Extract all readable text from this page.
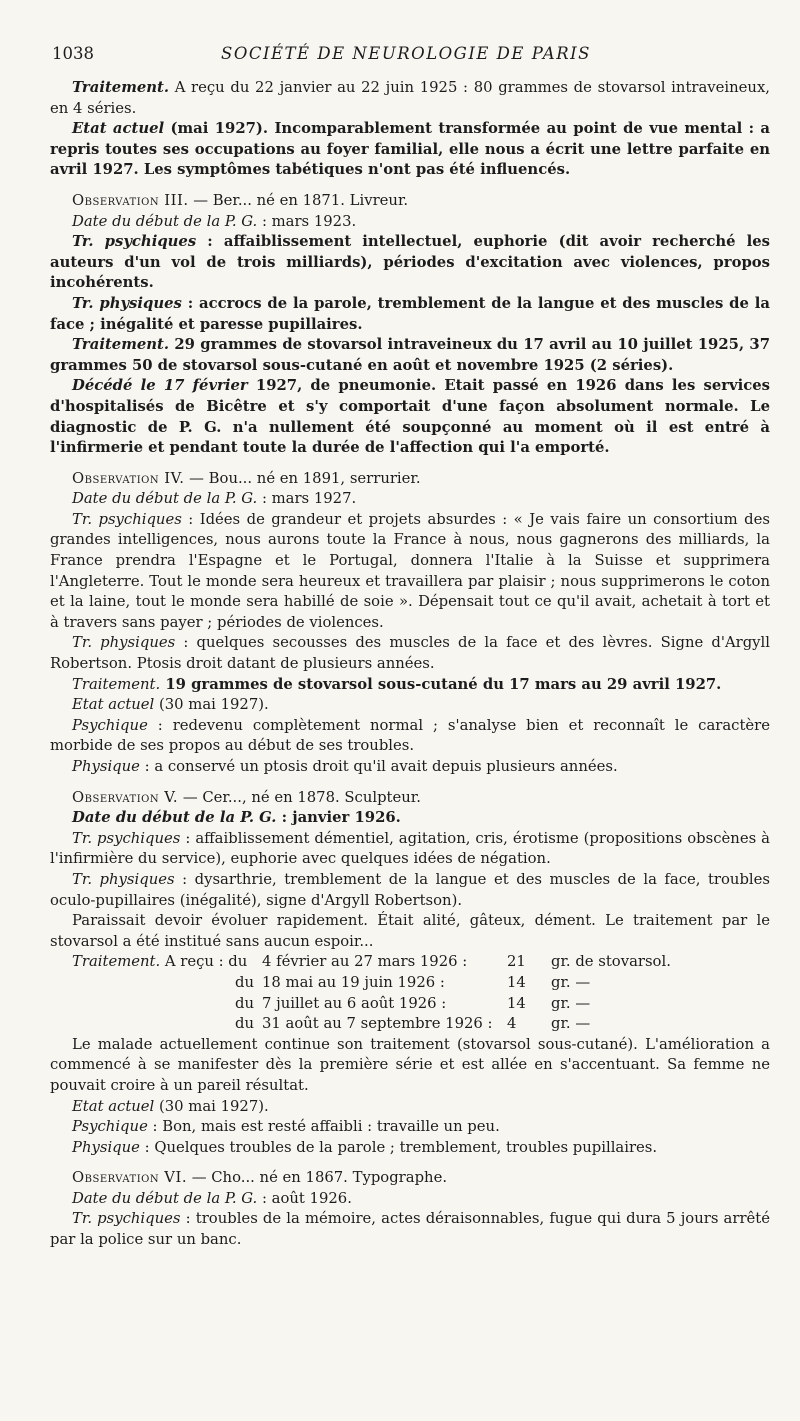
1038	SOCIÉTÉ DE NEUROLOGIE DE PARIS

Traitement. A reçu du 22 janvier au 22 juin 1925 : 80 grammes de stovarsol intraveineux, en 4 séries.

Etat actuel (mai 1927). Incomparablement transformée au point de vue mental : a repris toutes ses occupations au foyer familial, elle nous a écrit une lettre parfaite en avril 1927. Les symptômes tabétiques n'ont pas été influencés.

Observation III. — Ber... né en 1871. Livreur.

Date du début de la P. G. : mars 1923.

Tr. psychiques : affaiblissement intellectuel, euphorie (dit avoir recherché les auteurs d'un vol de trois milliards), périodes d'excitation avec violences, propos incohérents.

Tr. physiques : accrocs de la parole, tremblement de la langue et des muscles de la face ; inégalité et paresse pupillaires.

Traitement. 29 grammes de stovarsol intraveineux du 17 avril au 10 juillet 1925, 37 grammes 50 de stovarsol sous-cutané en août et novembre 1925 (2 séries).

Décédé le 17 février 1927, de pneumonie. Etait passé en 1926 dans les services d'hospitalisés de Bicêtre et s'y comportait d'une façon absolument normale. Le diagnostic de P. G. n'a nullement été soupçonné au moment où il est entré à l'infirmerie et pendant toute la durée de l'affection qui l'a emporté.

Observation IV. — Bou... né en 1891, serrurier.

Date du début de la P. G. : mars 1927.

Tr. psychiques : Idées de grandeur et projets absurdes : « Je vais faire un consortium des grandes intelligences, nous aurons toute la France à nous, nous gagnerons des milliards, la France prendra l'Espagne et le Portugal, donnera l'Italie à la Suisse et supprimera l'Angleterre. Tout le monde sera heureux et travaillera par plaisir ; nous supprimerons le coton et la laine, tout le monde sera habillé de soie ». Dépensait tout ce qu'il avait, achetait à tort et à travers sans payer ; périodes de violences.

Tr. physiques : quelques secousses des muscles de la face et des lèvres. Signe d'Argyll Robertson. Ptosis droit datant de plusieurs années.

Traitement. 19 grammes de stovarsol sous-cutané du 17 mars au 29 avril 1927.

Etat actuel (30 mai 1927).

Psychique : redevenu complètement normal ; s'analyse bien et reconnaît le caractère morbide de ses propos au début de ses troubles.

Physique : a conservé un ptosis droit qu'il avait depuis plusieurs années.

Observation V. — Cer..., né en 1878. Sculpteur.

Date du début de la P. G. : janvier 1926.

Tr. psychiques : affaiblissement démentiel, agitation, cris, érotisme (propositions obscènes à l'infirmière du service), euphorie avec quelques idées de négation.

Tr. physiques : dysarthrie, tremblement de la langue et des muscles de la face, troubles oculo-pupillaires (inégalité), signe d'Argyll Robertson).

Paraissait devoir évoluer rapidement. Était alité, gâteux, dément. Le traitement par le stovarsol a été institué sans aucun espoir...

Traitement. A reçu : du 4 février au 27 mars 1926 :	21	gr. de stovarsol.
du 18 mai au 19 juin 1926 :	14	gr. —
du 7 juillet au 6 août 1926 :	14	gr. —
du 31 août au 7 septembre 1926 : 4	gr. —

Le malade actuellement continue son traitement (stovarsol sous-cutané). L'amélioration a commencé à se manifester dès la première série et est allée en s'accentuant. Sa femme ne pouvait croire à un pareil résultat.

Etat actuel (30 mai 1927).

Psychique : Bon, mais est resté affaibli : travaille un peu.

Physique : Quelques troubles de la parole ; tremblement, troubles pupillaires.

Observation VI. — Cho... né en 1867. Typographe.

Date du début de la P. G. : août 1926.

Tr. psychiques : troubles de la mémoire, actes déraisonnables, fugue qui dura 5 jours arrêté par la police sur un banc.
